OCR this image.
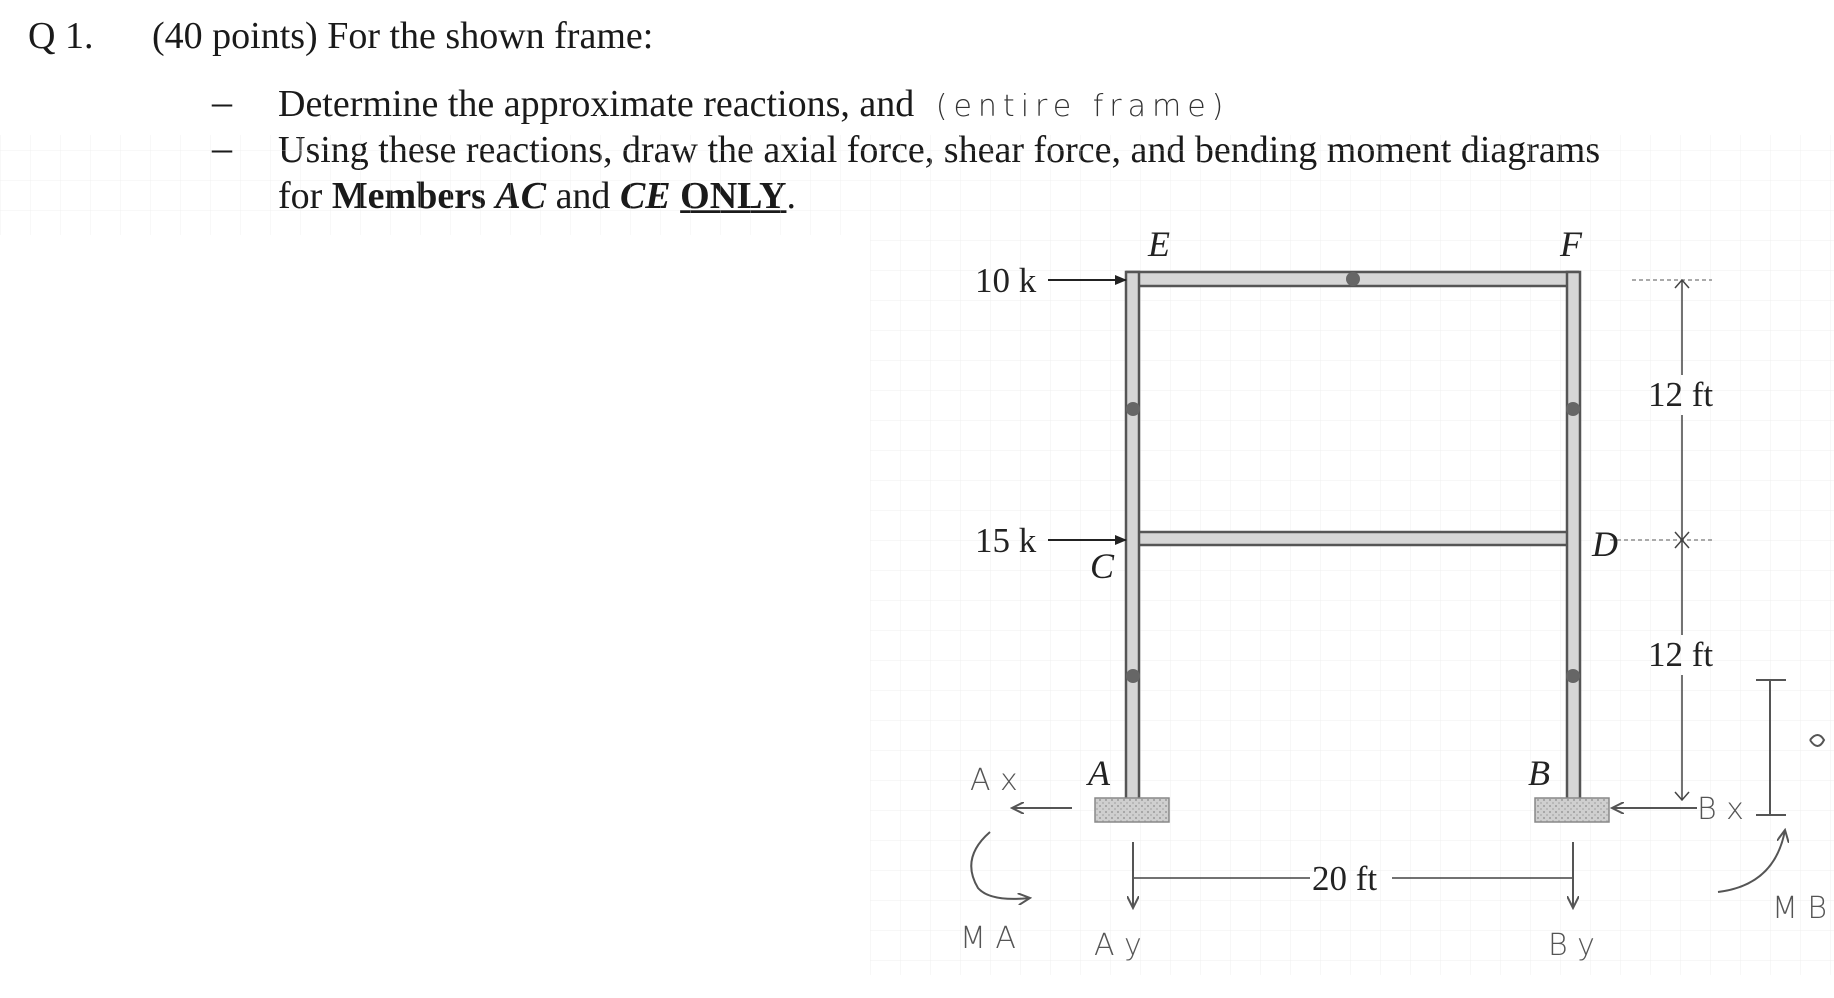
Q 1. (40 points) For the shown frame:
– Determine the approximate reactions, and (entire frame)
E	F
C
D
A	B
10 k
15 k
12 ft
12 ft
20 ft
A x
M A	A y
B x
B y
M B
